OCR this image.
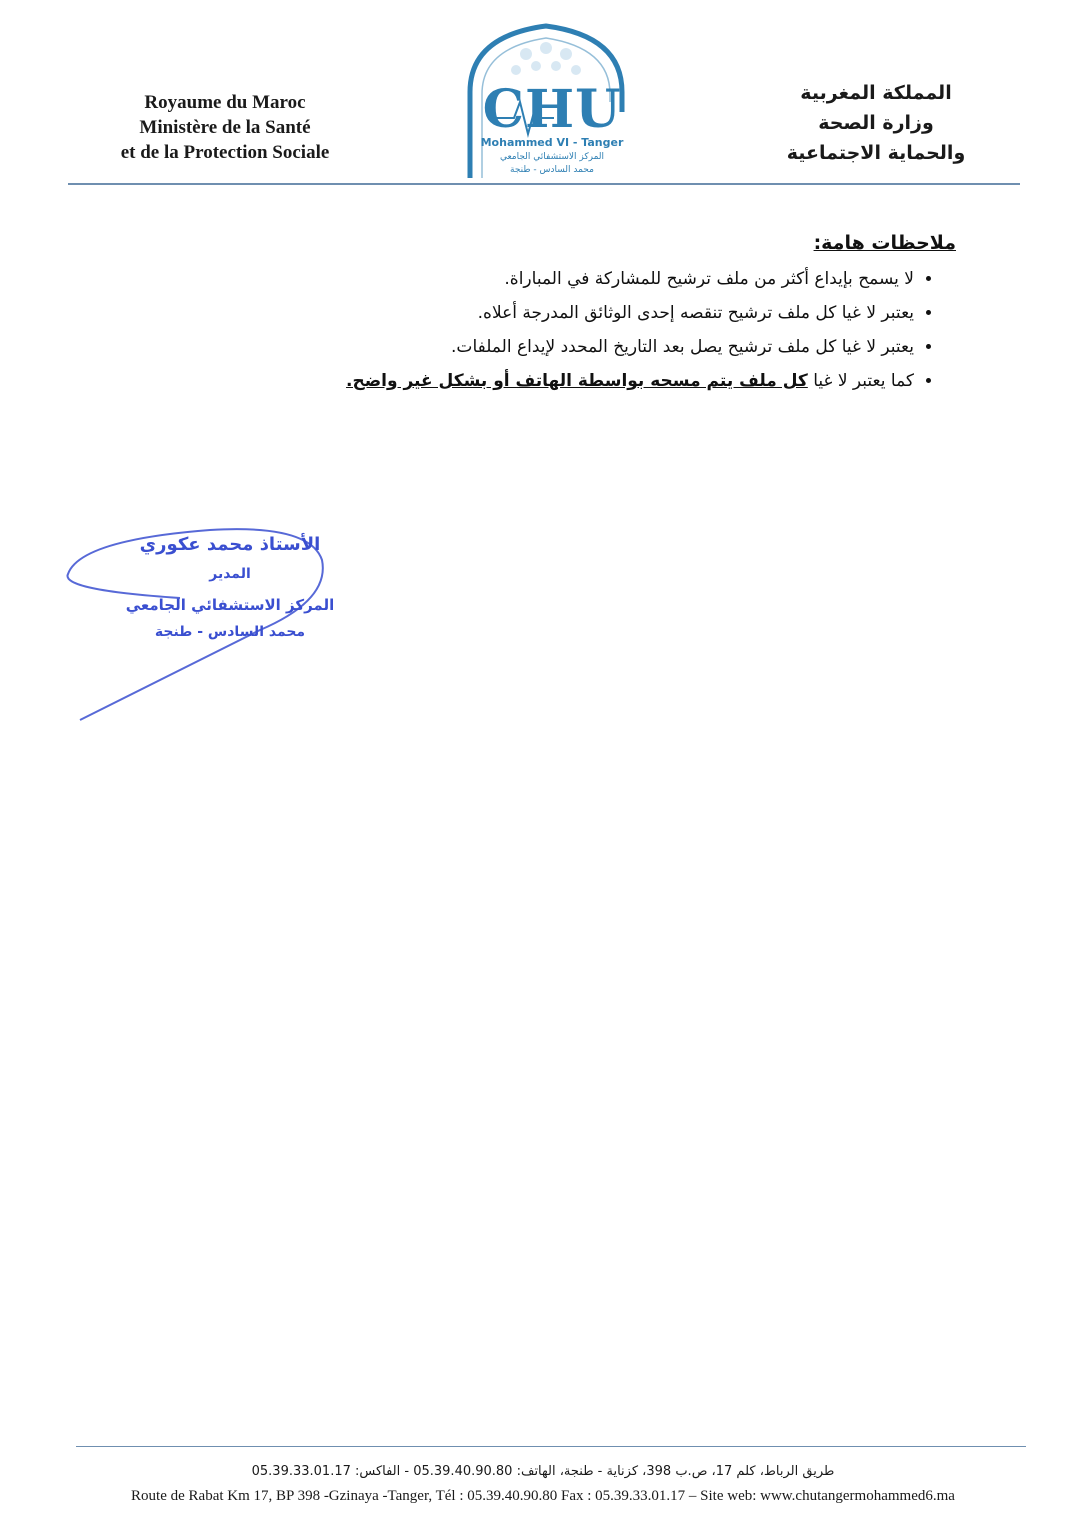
Royaume du Maroc
Ministère de la Santé
et de la Protection Sociale
CHU
Mohammed VI - Tanger
المركز الاستشفائي الجامعي
محمد السادس - طنجة
المملكة المغربية
وزارة الصحة
والحماية الاجتماعية
ملاحظات هامة:
• لا يسمح بإيداع أكثر من ملف ترشيح للمشاركة في المباراة.
• يعتبر لا غيا كل ملف ترشيح تنقصه إحدى الوثائق المدرجة أعلاه.
• يعتبر لا غيا كل ملف ترشيح يصل بعد التاريخ المحدد لإيداع الملفات.
• كما يعتبر لا غيا كل ملف يتم مسحه بواسطة الهاتف أو بشكل غير واضح.
الأستاذ محمد عكوري
المدير
المركز الاستشفائي الجامعي
محمد السادس - طنجة
طريق الرباط، كلم 17، ص.ب 398، كزناية - طنجة، الهاتف: 05.39.40.90.80 - الفاكس: 05.39.33.01.17
Route de Rabat Km 17, BP 398 -Gzinaya -Tanger, Tél : 05.39.40.90.80 Fax : 05.39.33.01.17 – Site web: www.chutangermohammed6.ma
